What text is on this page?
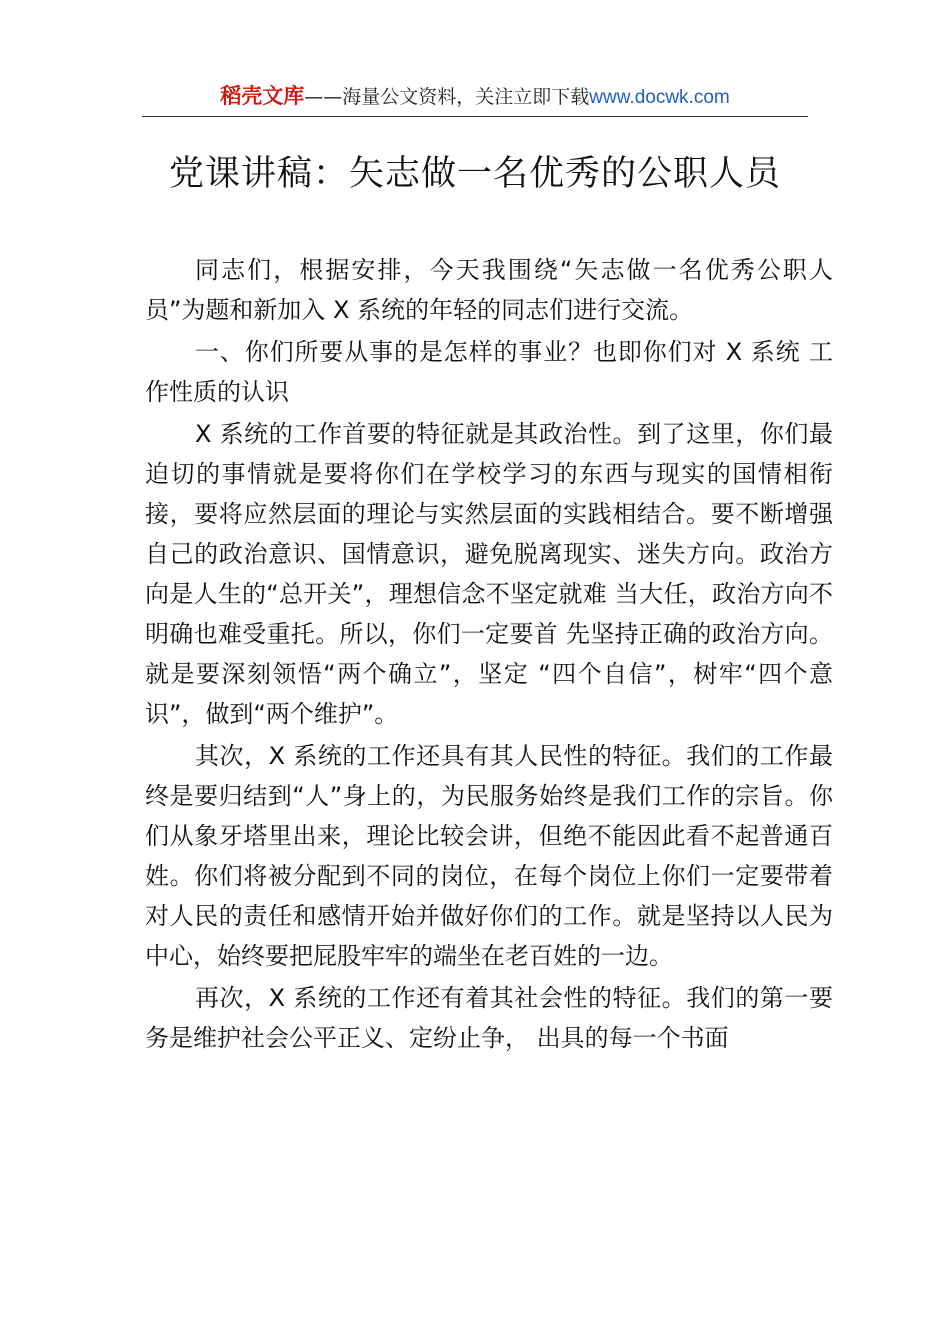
稻壳文库——海量公文资料，关注立即下载www.docwk.com
党课讲稿：矢志做一名优秀的公职人员

同志们，根据安排，今天我围绕“矢志做一名优秀公职人员”为题和新加入 X 系统的年轻的同志们进行交流。

一、你们所要从事的是怎样的事业？也即你们对 X 系统 工作性质的认识

X 系统的工作首要的特征就是其政治性。到了这里，你们最迫切的事情就是要将你们在学校学习的东西与现实的国情相衔接，要将应然层面的理论与实然层面的实践相结合。要不断增强自己的政治意识、国情意识，避免脱离现实、迷失方向。政治方向是人生的“总开关”，理想信念不坚定就难 当大任，政治方向不明确也难受重托。所以，你们一定要首 先坚持正确的政治方向。就是要深刻领悟“两个确立”，坚定 “四个自信”，树牢“四个意识”，做到“两个维护”。

其次，X 系统的工作还具有其人民性的特征。我们的工作最终是要归结到“人”身上的，为民服务始终是我们工作的宗旨。你们从象牙塔里出来，理论比较会讲，但绝不能因此看不起普通百姓。你们将被分配到不同的岗位，在每个岗位上你们一定要带着对人民的责任和感情开始并做好你们的工作。就是坚持以人民为中心，始终要把屁股牢牢的端坐在老百姓的一边。

再次，X 系统的工作还有着其社会性的特征。我们的第一要务是维护社会公平正义、定纷止争， 出具的每一个书面
